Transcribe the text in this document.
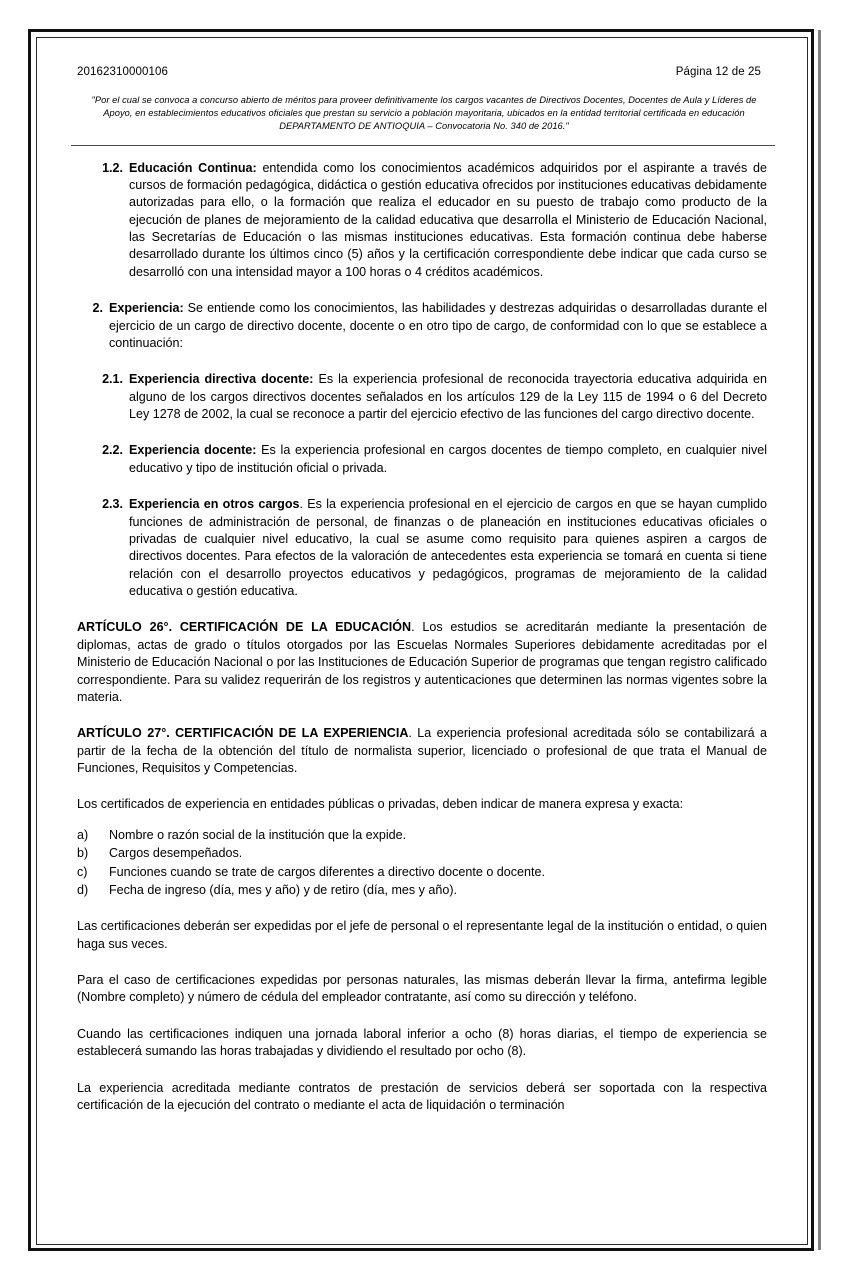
20162310000106	Página 12 de 25
"Por el cual se convoca a concurso abierto de méritos para proveer definitivamente los cargos vacantes de Directivos Docentes, Docentes de Aula y Líderes de Apoyo, en establecimientos educativos oficiales que prestan su servicio a población mayoritaria, ubicados en la entidad territorial certificada en educación DEPARTAMENTO DE ANTIOQUIA – Convocatoria No. 340 de 2016."
1.2. Educación Continua: entendida como los conocimientos académicos adquiridos por el aspirante a través de cursos de formación pedagógica, didáctica o gestión educativa ofrecidos por instituciones educativas debidamente autorizadas para ello, o la formación que realiza el educador en su puesto de trabajo como producto de la ejecución de planes de mejoramiento de la calidad educativa que desarrolla el Ministerio de Educación Nacional, las Secretarías de Educación o las mismas instituciones educativas. Esta formación continua debe haberse desarrollado durante los últimos cinco (5) años y la certificación correspondiente debe indicar que cada curso se desarrolló con una intensidad mayor a 100 horas o 4 créditos académicos.
2. Experiencia: Se entiende como los conocimientos, las habilidades y destrezas adquiridas o desarrolladas durante el ejercicio de un cargo de directivo docente, docente o en otro tipo de cargo, de conformidad con lo que se establece a continuación:
2.1. Experiencia directiva docente: Es la experiencia profesional de reconocida trayectoria educativa adquirida en alguno de los cargos directivos docentes señalados en los artículos 129 de la Ley 115 de 1994 o 6 del Decreto Ley 1278 de 2002, la cual se reconoce a partir del ejercicio efectivo de las funciones del cargo directivo docente.
2.2. Experiencia docente: Es la experiencia profesional en cargos docentes de tiempo completo, en cualquier nivel educativo y tipo de institución oficial o privada.
2.3. Experiencia en otros cargos. Es la experiencia profesional en el ejercicio de cargos en que se hayan cumplido funciones de administración de personal, de finanzas o de planeación en instituciones educativas oficiales o privadas de cualquier nivel educativo, la cual se asume como requisito para quienes aspiren a cargos de directivos docentes. Para efectos de la valoración de antecedentes esta experiencia se tomará en cuenta si tiene relación con el desarrollo proyectos educativos y pedagógicos, programas de mejoramiento de la calidad educativa o gestión educativa.

ARTÍCULO 26°. CERTIFICACIÓN DE LA EDUCACIÓN. Los estudios se acreditarán mediante la presentación de diplomas, actas de grado o títulos otorgados por las Escuelas Normales Superiores debidamente acreditadas por el Ministerio de Educación Nacional o por las Instituciones de Educación Superior de programas que tengan registro calificado correspondiente. Para su validez requerirán de los registros y autenticaciones que determinen las normas vigentes sobre la materia.

ARTÍCULO 27°. CERTIFICACIÓN DE LA EXPERIENCIA. La experiencia profesional acreditada sólo se contabilizará a partir de la fecha de la obtención del título de normalista superior, licenciado o profesional de que trata el Manual de Funciones, Requisitos y Competencias.

Los certificados de experiencia en entidades públicas o privadas, deben indicar de manera expresa y exacta:

a)	Nombre o razón social de la institución que la expide.
b)	Cargos desempeñados.
c)	Funciones cuando se trate de cargos diferentes a directivo docente o docente.
d)	Fecha de ingreso (día, mes y año) y de retiro (día, mes y año).

Las certificaciones deberán ser expedidas por el jefe de personal o el representante legal de la institución o entidad, o quien haga sus veces.

Para el caso de certificaciones expedidas por personas naturales, las mismas deberán llevar la firma, antefirma legible (Nombre completo) y número de cédula del empleador contratante, así como su dirección y teléfono.

Cuando las certificaciones indiquen una jornada laboral inferior a ocho (8) horas diarias, el tiempo de experiencia se establecerá sumando las horas trabajadas y dividiendo el resultado por ocho (8).

La experiencia acreditada mediante contratos de prestación de servicios deberá ser soportada con la respectiva certificación de la ejecución del contrato o mediante el acta de liquidación o terminación
